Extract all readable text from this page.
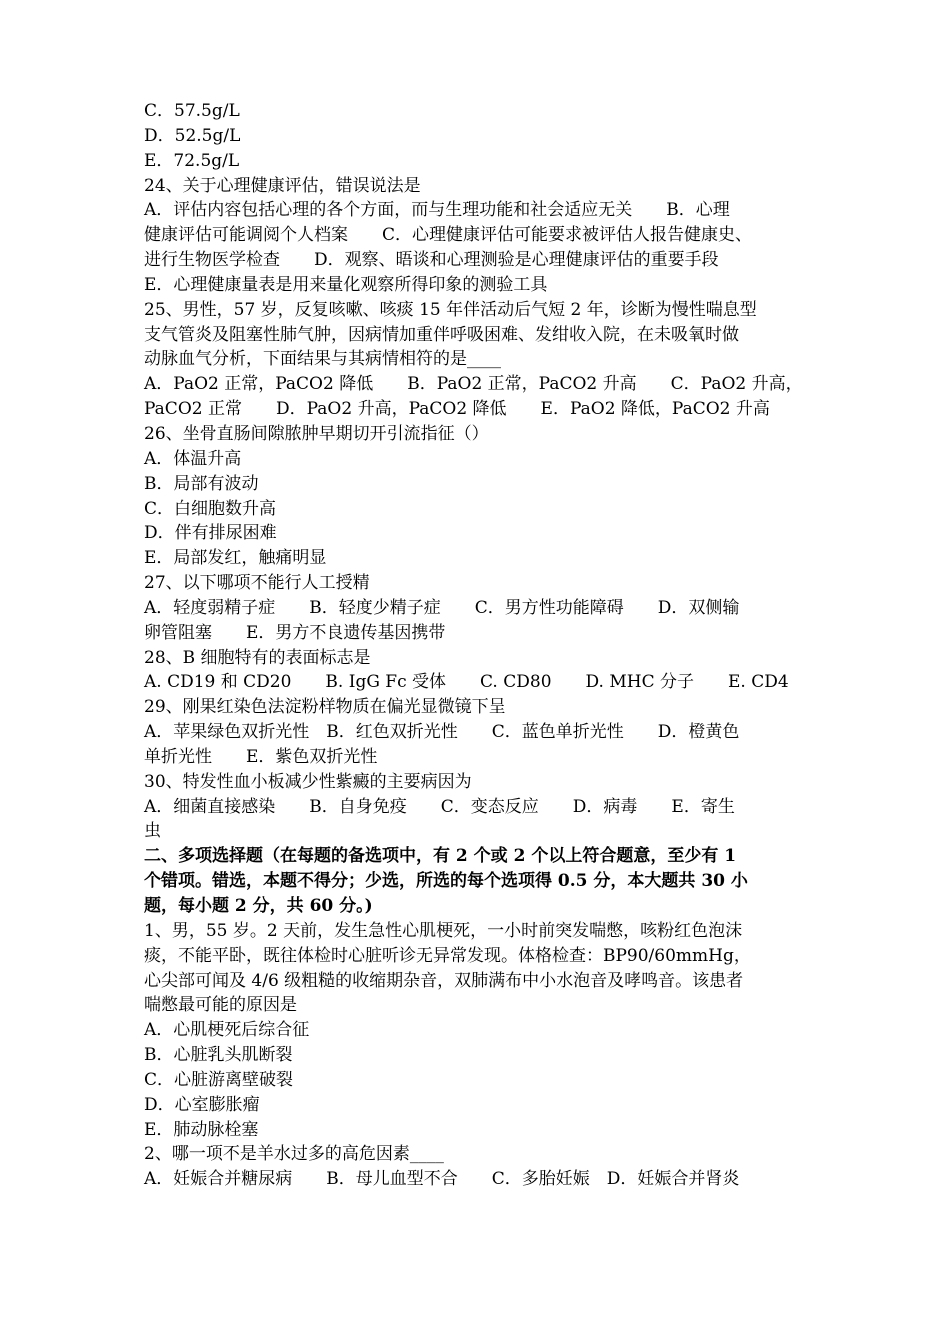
C．57.5g/L
D．52.5g/L
E．72.5g/L
24、关于心理健康评估，错误说法是
A．评估内容包括心理的各个方面，而与生理功能和社会适应无关　　B．心理
健康评估可能调阅个人档案　　C．心理健康评估可能要求被评估人报告健康史、
进行生物医学检查　　D．观察、晤谈和心理测验是心理健康评估的重要手段
E．心理健康量表是用来量化观察所得印象的测验工具
25、男性，57 岁，反复咳嗽、咳痰 15 年伴活动后气短 2 年，诊断为慢性喘息型
支气管炎及阻塞性肺气肿，因病情加重伴呼吸困难、发绀收入院，在未吸氧时做
动脉血气分析，下面结果与其病情相符的是____
A．PaO2 正常，PaCO2 降低　　B．PaO2 正常，PaCO2 升高　　C．PaO2 升高，
PaCO2 正常　　D．PaO2 升高，PaCO2 降低　　E．PaO2 降低，PaCO2 升高
26、坐骨直肠间隙脓肿早期切开引流指征（）
A．体温升高
B．局部有波动
C．白细胞数升高
D．伴有排尿困难
E．局部发红，触痛明显
27、以下哪项不能行人工授精
A．轻度弱精子症　　B．轻度少精子症　　C．男方性功能障碍　　D．双侧输
卵管阻塞　　E．男方不良遗传基因携带
28、B 细胞特有的表面标志是
A. CD19 和 CD20　　B. IgG Fc 受体　　C. CD80　　D. MHC 分子　　E. CD4
29、刚果红染色法淀粉样物质在偏光显微镜下呈
A．苹果绿色双折光性　B．红色双折光性　　C．蓝色单折光性　　D．橙黄色
单折光性　　E．紫色双折光性
30、特发性血小板减少性紫癜的主要病因为
A．细菌直接感染　　B．自身免疫　　C．变态反应　　D．病毒　　E．寄生
虫
二、多项选择题（在每题的备选项中，有 2 个或 2 个以上符合题意，至少有 1
个错项。错选，本题不得分；少选，所选的每个选项得 0.5 分，本大题共 30 小
题，每小题 2 分，共 60 分。)
1、男，55 岁。2 天前，发生急性心肌梗死，一小时前突发喘憋，咳粉红色泡沫
痰，不能平卧，既往体检时心脏听诊无异常发现。体格检查：BP90/60mmHg，
心尖部可闻及 4/6 级粗糙的收缩期杂音，双肺满布中小水泡音及哮鸣音。该患者
喘憋最可能的原因是
A．心肌梗死后综合征
B．心脏乳头肌断裂
C．心脏游离壁破裂
D．心室膨胀瘤
E．肺动脉栓塞
2、哪一项不是羊水过多的高危因素____
A．妊娠合并糖尿病　　B．母儿血型不合　　C．多胎妊娠　D．妊娠合并肾炎
